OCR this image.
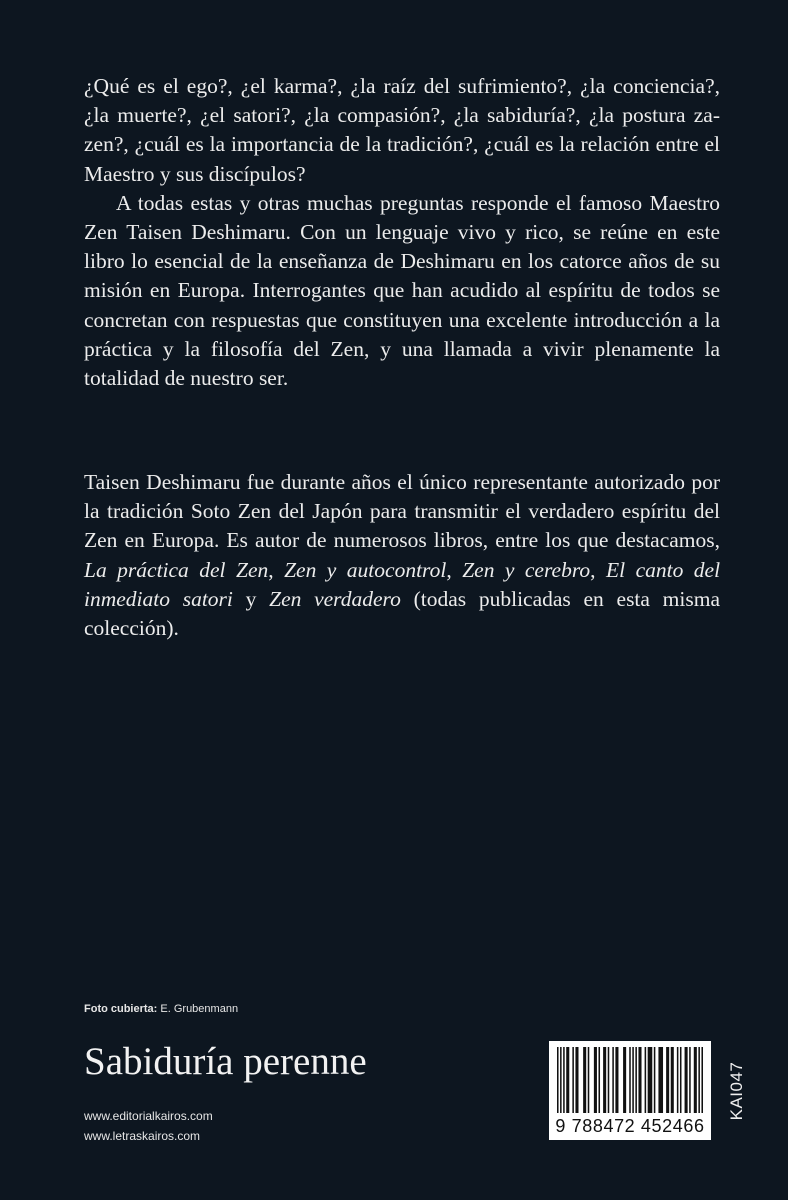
¿Qué es el ego?, ¿el karma?, ¿la raíz del sufrimiento?, ¿la conciencia?, ¿la muerte?, ¿el satori?, ¿la compasión?, ¿la sabiduría?, ¿la postura za-zen?, ¿cuál es la importancia de la tradición?, ¿cuál es la relación entre el Maestro y sus discípulos?

A todas estas y otras muchas preguntas responde el famoso Maestro Zen Taisen Deshimaru. Con un lenguaje vivo y rico, se reúne en este libro lo esencial de la enseñanza de Deshimaru en los catorce años de su misión en Europa. Interrogantes que han acudido al espíritu de todos se concretan con respuestas que constituyen una excelente introducción a la práctica y la filosofía del Zen, y una llamada a vivir plenamente la totalidad de nuestro ser.

Taisen Deshimaru fue durante años el único representante autorizado por la tradición Soto Zen del Japón para transmitir el verdadero espíritu del Zen en Europa. Es autor de numerosos libros, entre los que destacamos, La práctica del Zen, Zen y autocontrol, Zen y cerebro, El canto del inmediato satori y Zen verdadero (todas publicadas en esta misma colección).

Foto cubierta: E. Grubenmann
Sabiduría perenne
www.editorialkairos.com
www.letraskairos.com	9 788472 452466
KAI047
